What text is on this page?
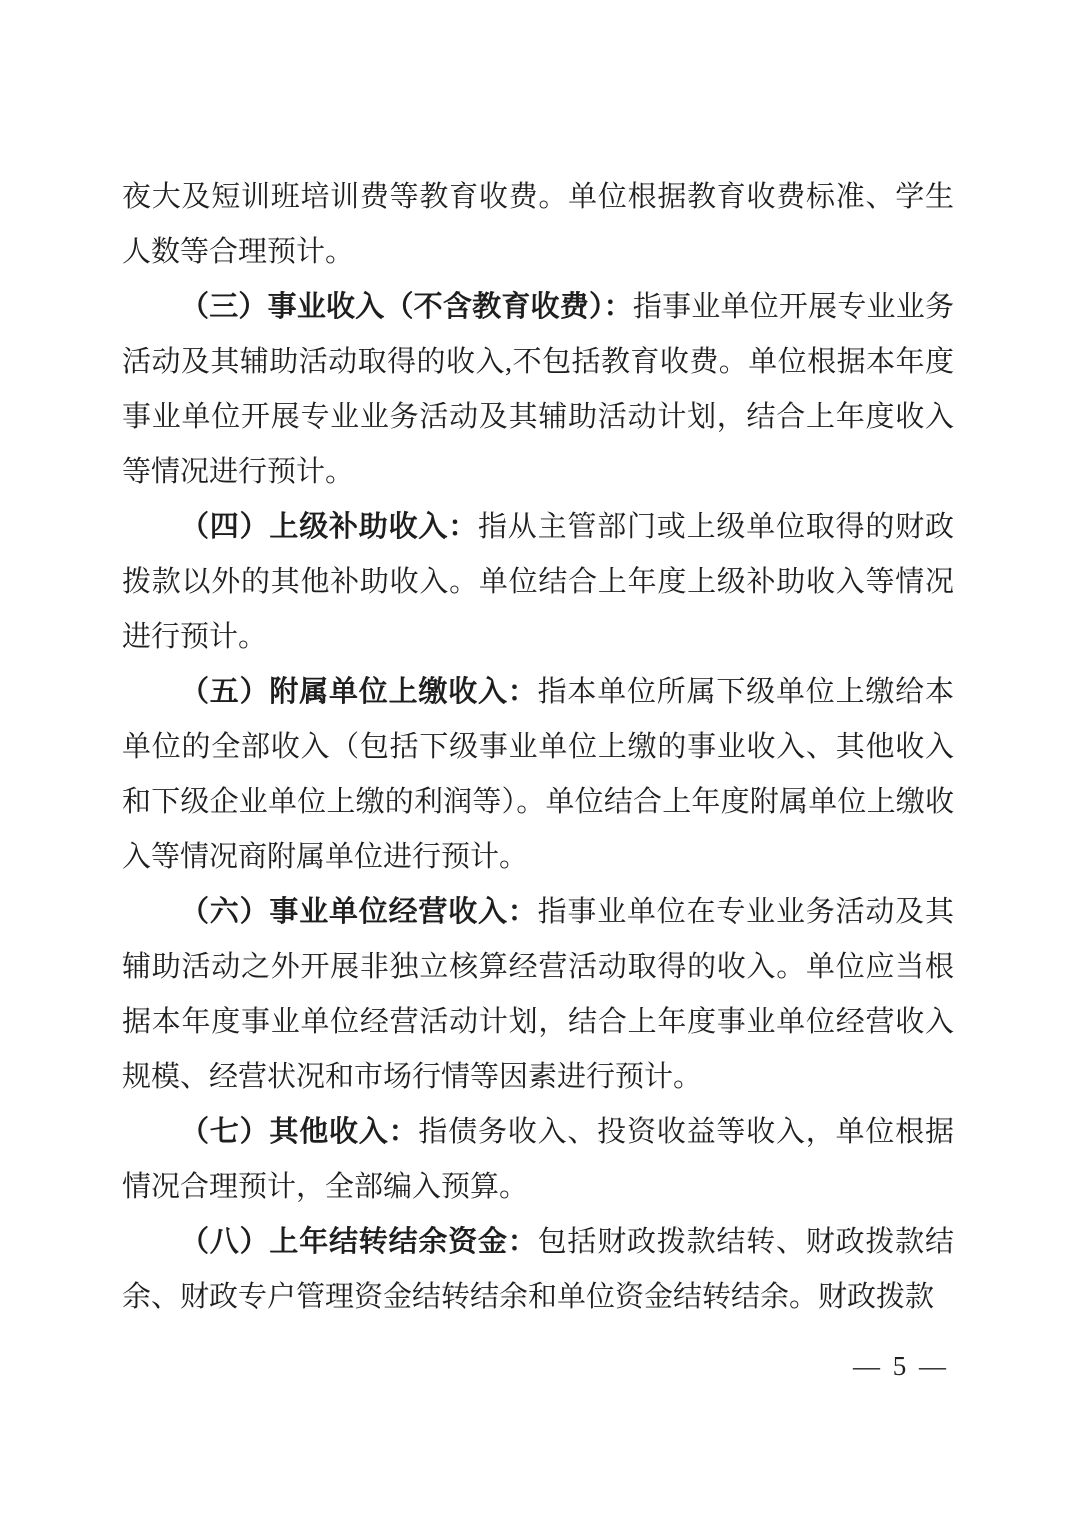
夜大及短训班培训费等教育收费。单位根据教育收费标准、学生人数等合理预计。

（三）事业收入（不含教育收费）：指事业单位开展专业业务活动及其辅助活动取得的收入,不包括教育收费。单位根据本年度事业单位开展专业业务活动及其辅助活动计划，结合上年度收入等情况进行预计。

（四）上级补助收入：指从主管部门或上级单位取得的财政拨款以外的其他补助收入。单位结合上年度上级补助收入等情况进行预计。

（五）附属单位上缴收入：指本单位所属下级单位上缴给本单位的全部收入（包括下级事业单位上缴的事业收入、其他收入和下级企业单位上缴的利润等）。单位结合上年度附属单位上缴收入等情况商附属单位进行预计。

（六）事业单位经营收入：指事业单位在专业业务活动及其辅助活动之外开展非独立核算经营活动取得的收入。单位应当根据本年度事业单位经营活动计划，结合上年度事业单位经营收入规模、经营状况和市场行情等因素进行预计。

（七）其他收入：指债务收入、投资收益等收入，单位根据情况合理预计，全部编入预算。

（八）上年结转结余资金：包括财政拨款结转、财政拨款结余、财政专户管理资金结转结余和单位资金结转结余。财政拨款

— 5 —
